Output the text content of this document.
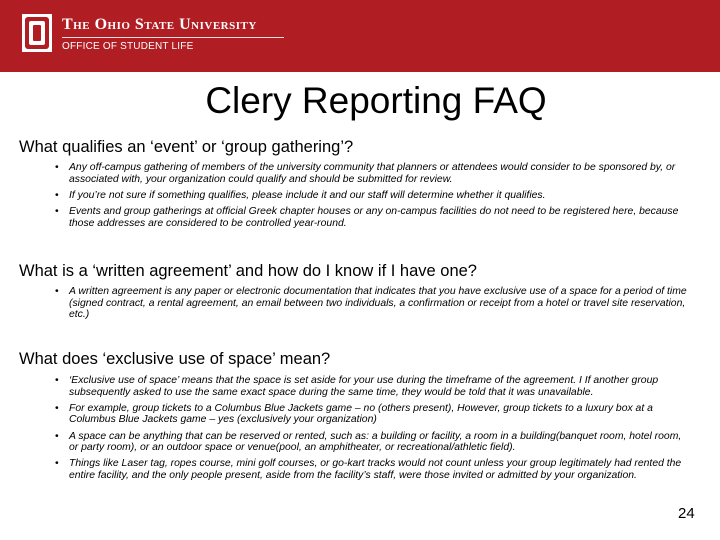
The Ohio State University
OFFICE OF STUDENT LIFE
Clery Reporting FAQ
What qualifies an ‘event’ or ‘group gathering’?
• Any off-campus gathering of members of the university community that planners or attendees would consider to be sponsored by, or associated with, your organization could qualify and should be submitted for review.
• If you’re not sure if something qualifies, please include it and our staff will determine whether it qualifies.
• Events and group gatherings at official Greek chapter houses or any on-campus facilities do not need to be registered here, because those addresses are considered to be controlled year-round.
What is a ‘written agreement’ and how do I know if I have one?
• A written agreement is any paper or electronic documentation that indicates that you have exclusive use of a space for a period of time (signed contract, a rental agreement, an email between two individuals, a confirmation or receipt from a hotel or travel site reservation, etc.)
What does ‘exclusive use of space’ mean?
• ‘Exclusive use of space’ means that the space is set aside for your use during the timeframe of the agreement. I If another group subsequently asked to use the same exact space during the same time, they would be told that it was unavailable.
• For example, group tickets to a Columbus Blue Jackets game – no (others present), However, group tickets to a luxury box at a Columbus Blue Jackets game – yes (exclusively your organization)
• A space can be anything that can be reserved or rented, such as: a building or facility, a room in a building(banquet room, hotel room, or party room), or an outdoor space or venue(pool, an amphitheater, or recreational/athletic field).
• Things like Laser tag, ropes course, mini golf courses, or go-kart tracks would not count unless your group legitimately had rented the entire facility, and the only people present, aside from the facility’s staff, were those invited or admitted by your organization.
24
